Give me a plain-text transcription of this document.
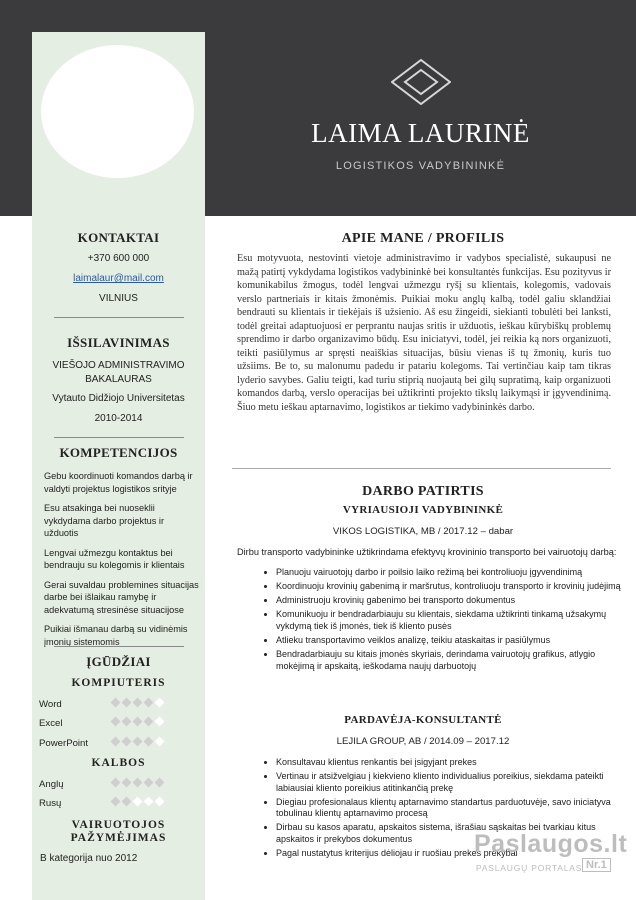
LAIMA LAURINĖ
LOGISTIKOS VADYBININKĖ
KONTAKTAI
+370 600 000
laimalaur@mail.com
VILNIUS
IŠSILAVINIMAS
VIEŠOJO ADMINISTRAVIMO
BAKALAURAS
Vytauto Didžiojo Universitetas
2010-2014
KOMPETENCIJOS
Gebu koordinuoti komandos darbą ir valdyti projektus logistikos srityje
Esu atsakinga bei nuoseklii vykdydama darbo projektus ir užduotis
Lengvai užmezgu kontaktus bei bendrauju su kolegomis ir klientais
Gerai suvaldau problemines situacijas darbe bei išlaikau ramybę ir adekvatumą stresinėse situacijose
Puikiai išmanau darbą su vidinėmis įmonių sistemomis
ĮGŪDŽIAI
KOMPIUTERIS
Word
Excel
PowerPoint
KALBOS
Anglų
Rusų
VAIRUOTOJOS
PAŽYMĖJIMAS
B kategorija nuo 2012
APIE MANE / PROFILIS

Esu motyvuota, nestovinti vietoje administravimo ir vadybos specialistė, sukaupusi ne mažą patirtį vykdydama logistikos vadybininkė bei konsultantės funkcijas. Esu pozityvus ir komunikabilus žmogus, todėl lengvai užmezgu ryšį su klientais, kolegomis, vadovais verslo partneriais ir kitais žmonėmis. Puikiai moku anglų kalbą, todėl galiu sklandžiai bendrauti su klientais ir tiekėjais iš užsienio. Aš esu žingeidi, siekianti tobulėti bei lanksti, todėl greitai adaptuojuosi er perprantu naujas sritis ir užduotis, ieškau kūrybiškų problemų sprendimo ir darbo organizavimo būdų. Esu iniciatyvi, todėl, jei reikia ką nors organizuoti, teikti pasiūlymus ar spręsti neaiškias situacijas, būsiu vienas iš tų žmonių, kuris tuo užsiims. Be to, su malonumu padedu ir patariu kolegoms. Tai vertinčiau kaip tam tikras lyderio savybes. Galiu teigti, kad turiu stiprią nuojautą bei gilų supratimą, kaip organizuoti komandos darbą, verslo operacijas bei užtikrinti projekto tikslų laikymąsi ir įgyvendinimą. Šiuo metu ieškau aptarnavimo, logistikos ar tiekimo vadybininkės darbo.

DARBO PATIRTIS
VYRIAUSIOJI VADYBININKĖ
VIKOS LOGISTIKA, MB / 2017.12 – dabar
Dirbu transporto vadybininke užtikrindama efektyvų krovininio transporto bei vairuotojų darbą:
• Planuoju vairuotojų darbo ir poilsio laiko režimą bei kontroliuoju įgyvendinimą
• Koordinuoju krovinių gabenimą ir maršrutus, kontroliuoju transporto ir krovinių judėjimą
• Administruoju krovinių gabenimo bei transporto dokumentus
• Komunikuoju ir bendradarbiauju su klientais, siekdama užtikrinti tinkamą užsakymų vykdymą tiek iš įmonės, tiek iš kliento pusės
• Atlieku transportavimo veiklos analizę, teikiu ataskaitas ir pasiūlymus
• Bendradarbiauju su kitais įmonės skyriais, derindama vairuotojų grafikus, atlygio mokėjimą ir apskaitą, ieškodama naujų darbuotojų
PARDAVĖJA-KONSULTANTĖ
LEJILA GROUP, AB / 2014.09 – 2017.12
• Konsultavau klientus renkantis bei įsigyjant prekes
• Vertinau ir atsižvelgiau į kiekvieno kliento individualius poreikius, siekdama pateikti labiausiai kliento poreikius atitinkančią prekę
• Diegiau profesionalaus klientų aptarnavimo standartus parduotuvėje, savo iniciatyva tobulinau klientų aptarnavimo procesą
• Dirbau su kasos aparatu, apskaitos sistema, išrašiau sąskaitas bei tvarkiau kitus apskaitos ir prekybos dokumentus
• Pagal nustatytus kriterijus dėliojau ir ruošiau prekes prekybai
Paslaugos.lt
PASLAUGŲ PORTALAS Nr.1
